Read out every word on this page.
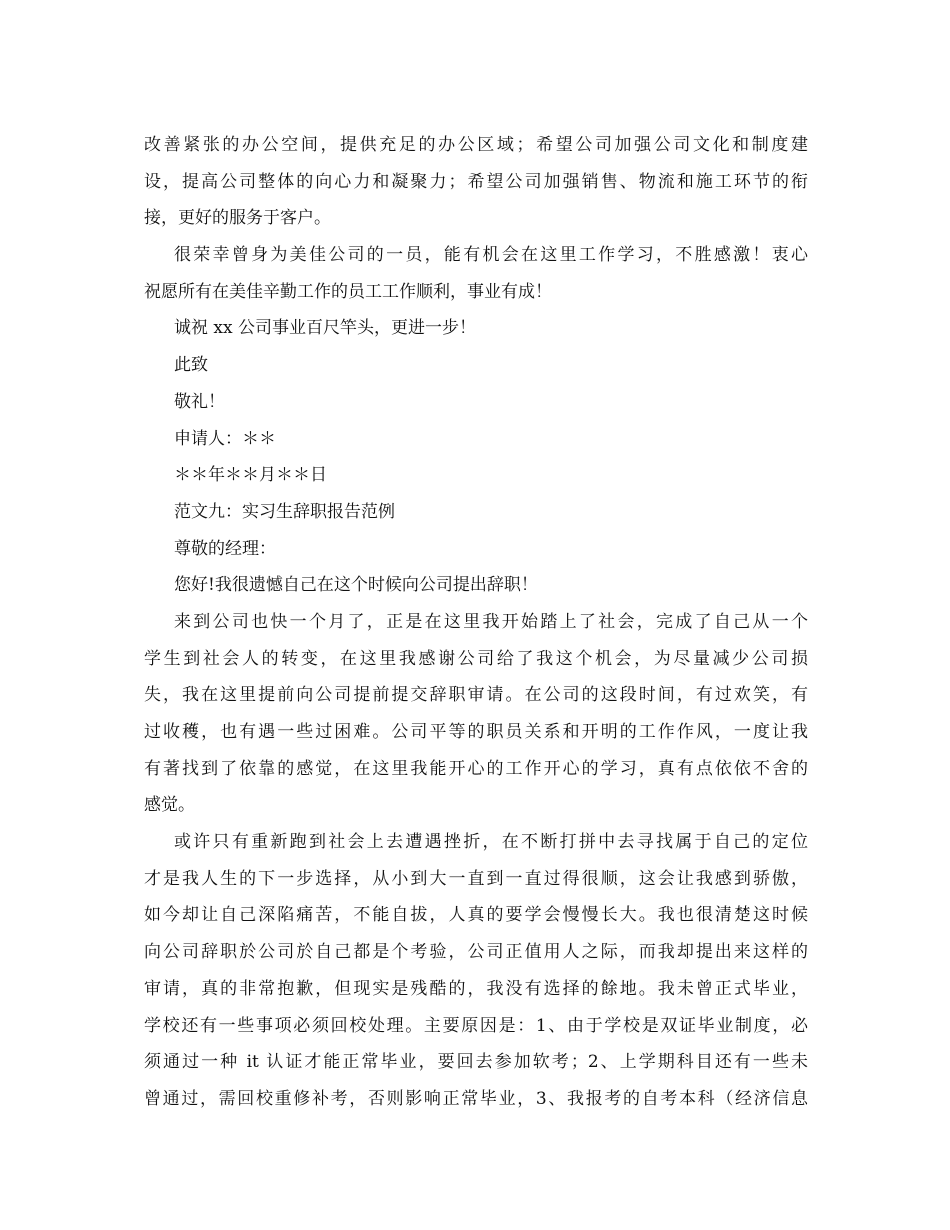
改善紧张的办公空间，提供充足的办公区域；希望公司加强公司文化和制度建
设，提高公司整体的向心力和凝聚力；希望公司加强销售、物流和施工环节的衔
接，更好的服务于客户。
很荣幸曾身为美佳公司的一员，能有机会在这里工作学习，不胜感激！衷心
祝愿所有在美佳辛勤工作的员工工作顺利，事业有成！
诚祝 xx 公司事业百尺竿头，更进一步！
此致
敬礼！
申请人：＊＊
＊＊年＊＊月＊＊日
范文九：实习生辞职报告范例
尊敬的经理：
您好!我很遗憾自己在这个时候向公司提出辞职！
来到公司也快一个月了，正是在这里我开始踏上了社会，完成了自己从一个
学生到社会人的转变，在这里我感谢公司给了我这个机会，为尽量减少公司损
失，我在这里提前向公司提前提交辞职审请。在公司的这段时间，有过欢笑，有
过收穫，也有遇一些过困难。公司平等的职员关系和开明的工作作风，一度让我
有著找到了依靠的感觉，在这里我能开心的工作开心的学习，真有点依依不舍的
感觉。
或许只有重新跑到社会上去遭遇挫折，在不断打拼中去寻找属于自己的定位
才是我人生的下一步选择，从小到大一直到一直过得很顺，这会让我感到骄傲，
如今却让自己深陷痛苦，不能自拔，人真的要学会慢慢长大。我也很清楚这时候
向公司辞职於公司於自己都是个考验，公司正值用人之际，而我却提出来这样的
审请，真的非常抱歉，但现实是残酷的，我没有选择的餘地。我未曾正式毕业，
学校还有一些事项必须回校处理。主要原因是：1、由于学校是双证毕业制度，必
须通过一种 it 认证才能正常毕业，要回去参加软考；2、上学期科目还有一些未
曾通过，需回校重修补考，否则影响正常毕业，3、我报考的自考本科（经济信息
